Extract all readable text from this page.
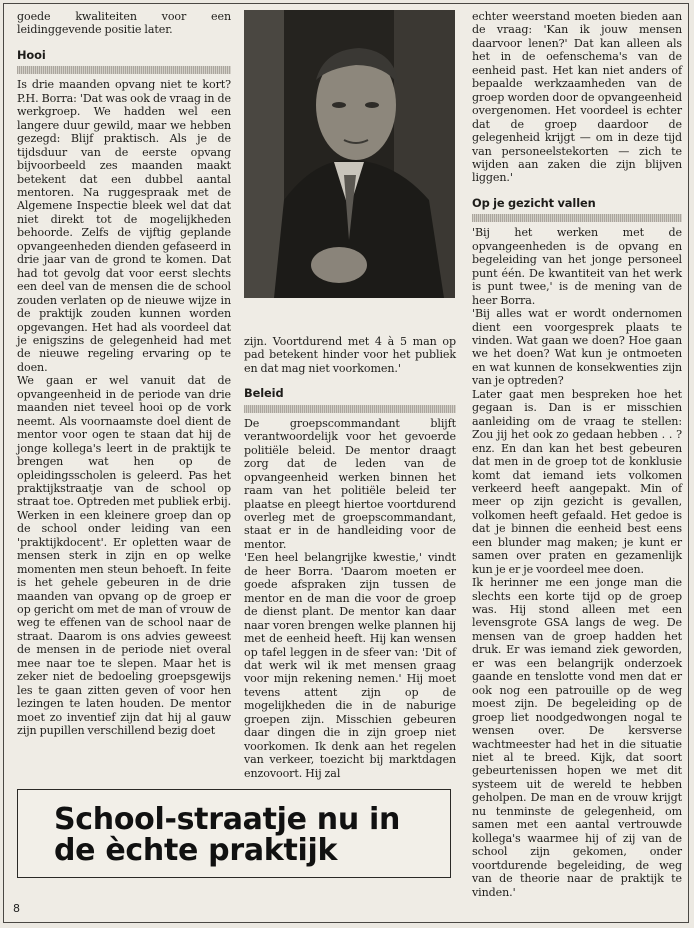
goede kwaliteiten voor een leidinggevende positie later.

Hooi

Is drie maanden opvang niet te kort? P.H. Borra: 'Dat was ook de vraag in de werkgroep. We hadden wel een langere duur gewild, maar we hebben gezegd: Blijf praktisch. Als je de tijdsduur van de eerste opvang bijvoorbeeld zes maanden maakt betekent dat een dubbel aantal mentoren. Na ruggespraak met de Algemene Inspectie bleek wel dat dat niet direkt tot de mogelijkheden behoorde. Zelfs de vijftig geplande opvangeenheden dienden gefaseerd in drie jaar van de grond te komen. Dat had tot gevolg dat voor eerst slechts een deel van de mensen die de school zouden verlaten op de nieuwe wijze in de praktijk zouden kunnen worden opgevangen. Het had als voordeel dat je enigszins de gelegenheid had met de nieuwe regeling ervaring op te doen.

We gaan er wel vanuit dat de opvangeenheid in de periode van drie maanden niet teveel hooi op de vork neemt. Als voornaamste doel dient de mentor voor ogen te staan dat hij de jonge kollega's leert in de praktijk te brengen wat hen op de opleidingsscholen is geleerd. Pas het praktijkstraatje van de school op straat toe. Optreden met publiek erbij. Werken in een kleinere groep dan op de school onder leiding van een 'praktijkdocent'. Er opletten waar de mensen sterk in zijn en op welke momenten men steun behoeft. In feite is het gehele gebeuren in de drie maanden van opvang op de groep er op gericht om met de man of vrouw de weg te effenen van de school naar de straat. Daarom is ons advies geweest de mensen in de periode niet overal mee naar toe te slepen. Maar het is zeker niet de bedoeling groepsgewijs les te gaan zitten geven of voor hen lezingen te laten houden. De mentor moet zo inventief zijn dat hij al gauw zijn pupillen verschillend bezig doet

zijn. Voortdurend met 4 à 5 man op pad betekent hinder voor het publiek en dat mag niet voorkomen.'

Beleid

De groepscommandant blijft verantwoordelijk voor het gevoerde politiële beleid. De mentor draagt zorg dat de leden van de opvangeenheid werken binnen het raam van het politiële beleid ter plaatse en pleegt hiertoe voortdurend overleg met de groepscommandant, staat er in de handleiding voor de mentor.

'Een heel belangrijke kwestie,' vindt de heer Borra. 'Daarom moeten er goede afspraken zijn tussen de mentor en de man die voor de groep de dienst plant. De mentor kan daar naar voren brengen welke plannen hij met de eenheid heeft. Hij kan wensen op tafel leggen in de sfeer van: 'Dit of dat werk wil ik met mensen graag voor mijn rekening nemen.' Hij moet tevens attent zijn op de mogelijkheden die in de naburige groepen zijn. Misschien gebeuren daar dingen die in zijn groep niet voorkomen. Ik denk aan het regelen van verkeer, toezicht bij marktdagen enzovoort. Hij zal

echter weerstand moeten bieden aan de vraag: 'Kan ik jouw mensen daarvoor lenen?' Dat kan alleen als het in de oefenschema's van de eenheid past. Het kan niet anders of bepaalde werkzaamheden van de groep worden door de opvangeenheid overgenomen. Het voordeel is echter dat de groep daardoor de gelegenheid krijgt — om in deze tijd van personeelstekorten — zich te wijden aan zaken die zijn blijven liggen.'

Op je gezicht vallen

'Bij het werken met de opvangeenheden is de opvang en begeleiding van het jonge personeel punt één. De kwantiteit van het werk is punt twee,' is de mening van de heer Borra.

'Bij alles wat er wordt ondernomen dient een voorgesprek plaats te vinden. Wat gaan we doen? Hoe gaan we het doen? Wat kun je ontmoeten en wat kunnen de konsekwenties zijn van je optreden?

Later gaat men bespreken hoe het gegaan is. Dan is er misschien aanleiding om de vraag te stellen: Zou jij het ook zo gedaan hebben . . ? enz. En dan kan het best gebeuren dat men in de groep tot de konklusie komt dat iemand iets volkomen verkeerd heeft aangepakt. Min of meer op zijn gezicht is gevallen, volkomen heeft gefaald. Het gedoe is dat je binnen die eenheid best eens een blunder mag maken; je kunt er samen over praten en gezamenlijk kun je er je voordeel mee doen.

Ik herinner me een jonge man die slechts een korte tijd op de groep was. Hij stond alleen met een levensgrote GSA langs de weg. De mensen van de groep hadden het druk. Er was iemand ziek geworden, er was een belangrijk onderzoek gaande en tenslotte vond men dat er ook nog een patrouille op de weg moest zijn. De begeleiding op de groep liet noodgedwongen nogal te wensen over. De kersverse wachtmeester had het in die situatie niet al te breed. Kijk, dat soort gebeurtenissen hopen we met dit systeem uit de wereld te hebben geholpen. De man en de vrouw krijgt nu tenminste de gelegenheid, om samen met een aantal vertrouwde kollega's waarmee hij of zij van de school zijn gekomen, onder voortdurende begeleiding, de weg van de theorie naar de praktijk te vinden.'

School-straatje nu in
de èchte praktijk
8
